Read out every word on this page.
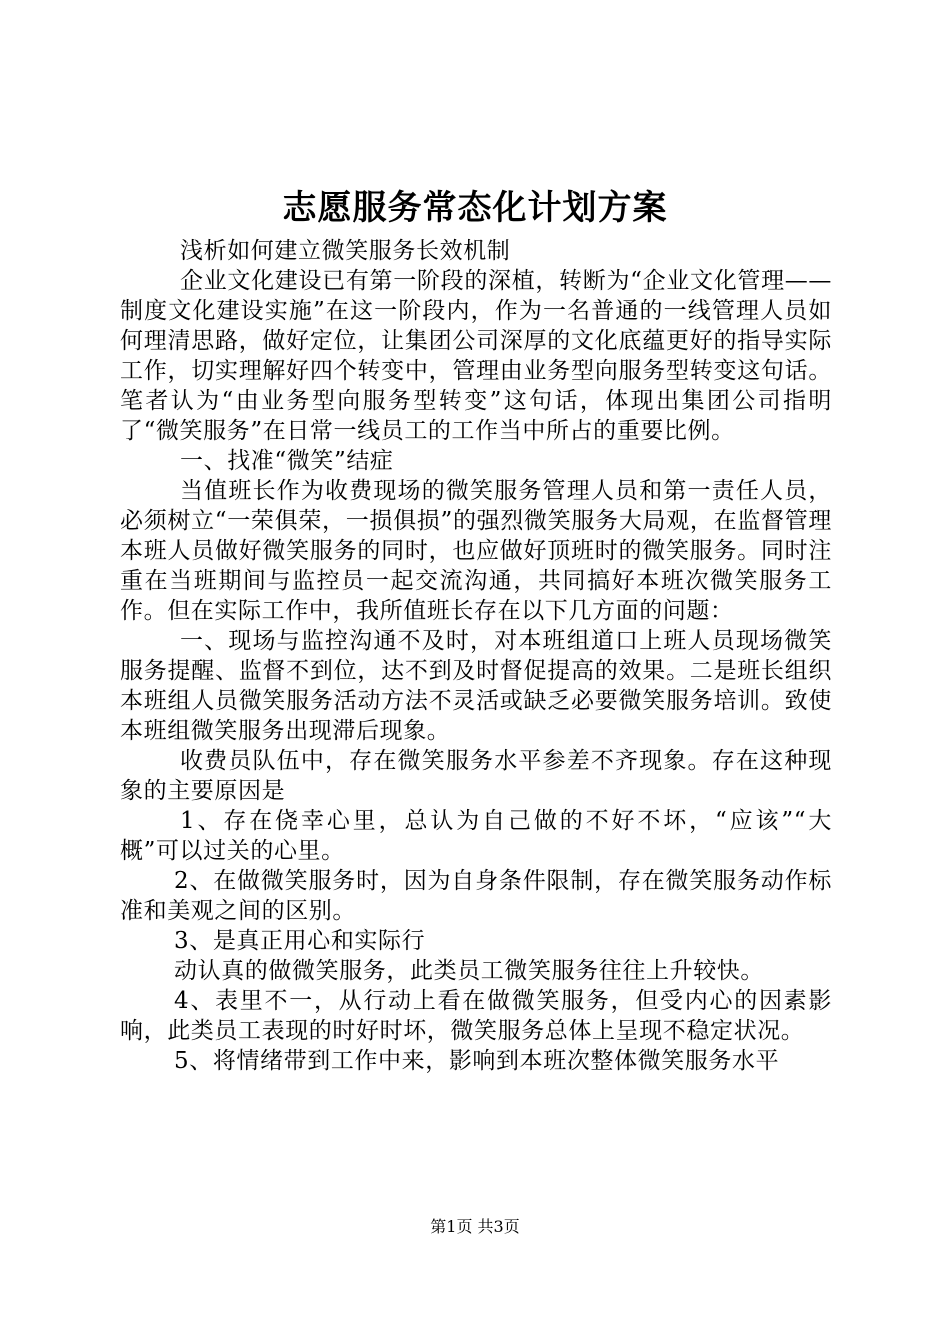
志愿服务常态化计划方案

浅析如何建立微笑服务长效机制

企业文化建设已有第一阶段的深植，转断为“企业文化管理——制度文化建设实施”在这一阶段内，作为一名普通的一线管理人员如何理清思路，做好定位，让集团公司深厚的文化底蕴更好的指导实际工作，切实理解好四个转变中，管理由业务型向服务型转变这句话。笔者认为“由业务型向服务型转变”这句话，体现出集团公司指明了“微笑服务”在日常一线员工的工作当中所占的重要比例。

一、找准“微笑”结症

当值班长作为收费现场的微笑服务管理人员和第一责任人员，必须树立“一荣俱荣，一损俱损”的强烈微笑服务大局观，在监督管理本班人员做好微笑服务的同时，也应做好顶班时的微笑服务。同时注重在当班期间与监控员一起交流沟通，共同搞好本班次微笑服务工作。但在实际工作中，我所值班长存在以下几方面的问题：

一、现场与监控沟通不及时，对本班组道口上班人员现场微笑服务提醒、监督不到位，达不到及时督促提高的效果。二是班长组织本班组人员微笑服务活动方法不灵活或缺乏必要微笑服务培训。致使本班组微笑服务出现滞后现象。

收费员队伍中，存在微笑服务水平参差不齐现象。存在这种现象的主要原因是

1、存在侥幸心里，总认为自己做的不好不坏，“应该”“大概”可以过关的心里。

2、在做微笑服务时，因为自身条件限制，存在微笑服务动作标准和美观之间的区别。

3、是真正用心和实际行

动认真的做微笑服务，此类员工微笑服务往往上升较快。

4、表里不一，从行动上看在做微笑服务，但受内心的因素影响，此类员工表现的时好时坏，微笑服务总体上呈现不稳定状况。

5、将情绪带到工作中来，影响到本班次整体微笑服务水平

第1页 共3页
